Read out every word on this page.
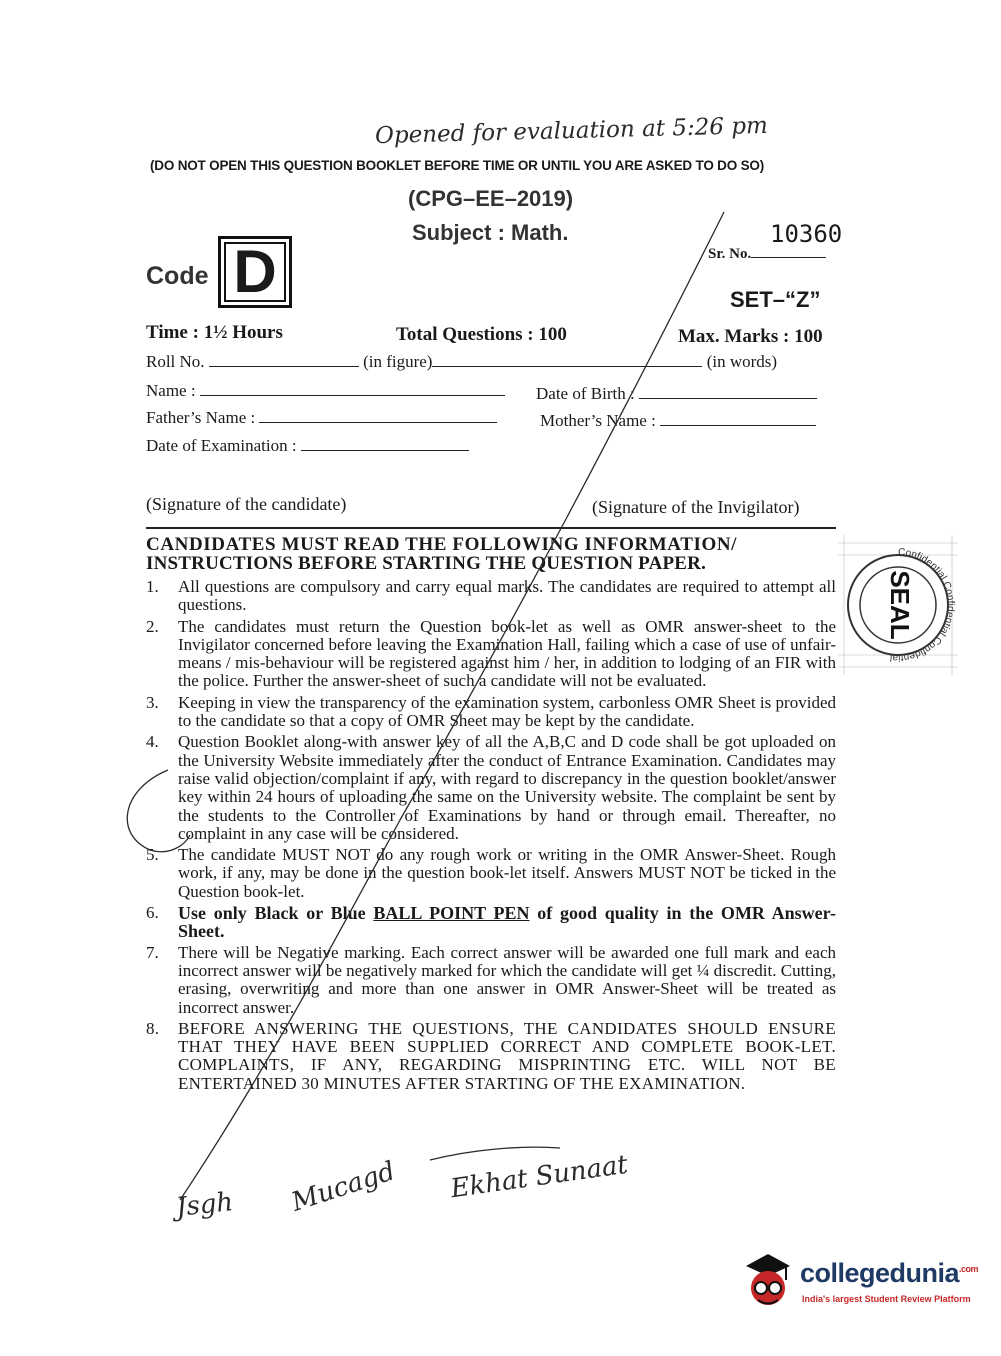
Opened for evaluation at 5:26 pm
(DO NOT OPEN THIS QUESTION BOOKLET BEFORE TIME OR UNTIL YOU ARE ASKED TO DO SO)
(CPG–EE–2019)
Subject : Math.	10360
Sr. No.
Code D	SET–“Z”
Time : 1½ Hours	Total Questions : 100	Max. Marks : 100
Roll No.	(in figure)	(in words)
Name :	Date of Birth :
Father’s Name :	Mother’s Name :
Date of Examination :
(Signature of the candidate)	(Signature of the Invigilator)
CANDIDATES MUST READ THE FOLLOWING INFORMATION/
INSTRUCTIONS BEFORE STARTING THE QUESTION PAPER.
1. All questions are compulsory and carry equal marks. The candidates are required to attempt all questions.
2. The candidates must return the Question book-let as well as OMR answer-sheet to the Invigilator concerned before leaving the Examination Hall, failing which a case of use of unfair-means / mis-behaviour will be registered against him / her, in addition to lodging of an FIR with the police. Further the answer-sheet of such a candidate will not be evaluated.
3. Keeping in view the transparency of the examination system, carbonless OMR Sheet is provided to the candidate so that a copy of OMR Sheet may be kept by the candidate.
4. Question Booklet along-with answer key of all the A,B,C and D code shall be got uploaded on the University Website immediately after the conduct of Entrance Examination. Candidates may raise valid objection/complaint if any, with regard to discrepancy in the question booklet/answer key within 24 hours of uploading the same on the University website. The complaint be sent by the students to the Controller of Examinations by hand or through email. Thereafter, no complaint in any case will be considered.
5. The candidate MUST NOT do any rough work or writing in the OMR Answer-Sheet. Rough work, if any, may be done in the question book-let itself. Answers MUST NOT be ticked in the Question book-let.
6. Use only Black or Blue BALL POINT PEN of good quality in the OMR Answer-Sheet.
7. There will be Negative marking. Each correct answer will be awarded one full mark and each incorrect answer will be negatively marked for which the candidate will get ¼ discredit. Cutting, erasing, overwriting and more than one answer in OMR Answer-Sheet will be treated as incorrect answer.
8. BEFORE ANSWERING THE QUESTIONS, THE CANDIDATES SHOULD ENSURE THAT THEY HAVE BEEN SUPPLIED CORRECT AND COMPLETE BOOK-LET. COMPLAINTS, IF ANY, REGARDING MISPRINTING ETC. WILL NOT BE ENTERTAINED 30 MINUTES AFTER STARTING OF THE EXAMINATION.
Confidential Confidential Confidential
SEAL
Jsgh Mucagd Ekhat Sunaat
collegedunia$^{.com}$
India's largest Student Review Platform
